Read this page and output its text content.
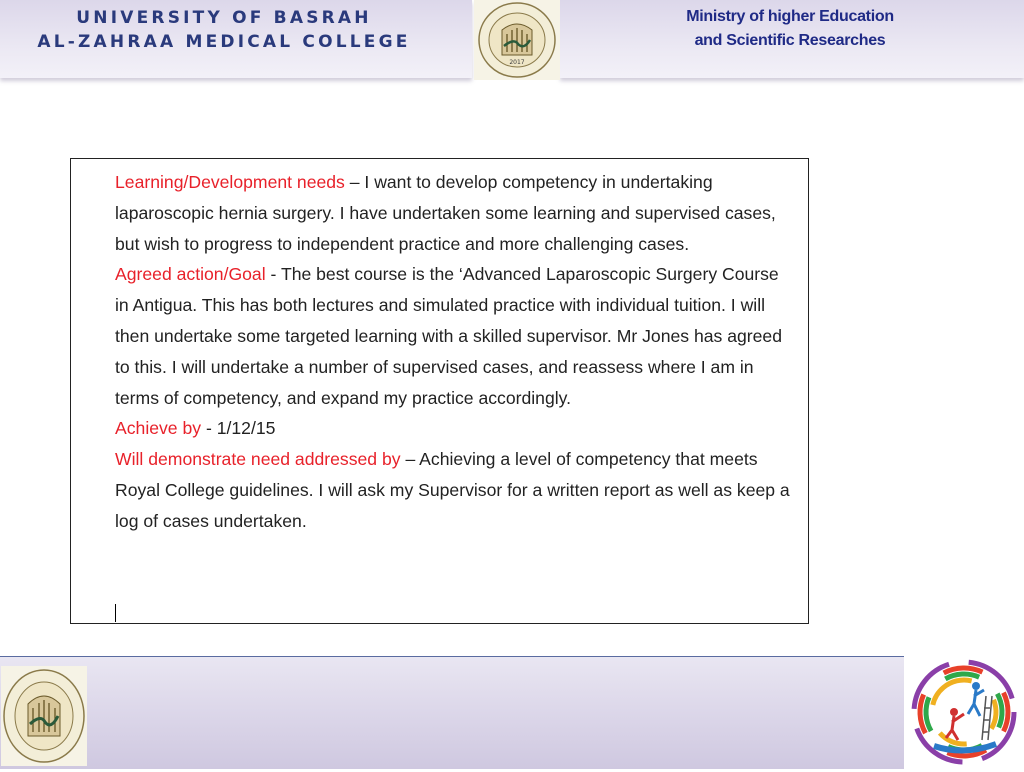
UNIVERSITY OF BASRAH
AL-ZAHRAA MEDICAL COLLEGE
Ministry of higher Education
and Scientific Researches
2017

Learning/Development needs – I want to develop competency in undertaking laparoscopic hernia surgery. I have undertaken some learning and supervised cases, but wish to progress to independent practice and more challenging cases.

Agreed action/Goal - The best course is the ‘Advanced Laparoscopic Surgery Course in Antigua. This has both lectures and simulated practice with individual tuition. I will then undertake some targeted learning with a skilled supervisor. Mr Jones has agreed to this. I will undertake a number of supervised cases, and reassess where I am in terms of competency, and expand my practice accordingly.

Achieve by - 1/12/15

Will demonstrate need addressed by – Achieving a level of competency that meets Royal College guidelines. I will ask my Supervisor for a written report as well as keep a log of cases undertaken.
